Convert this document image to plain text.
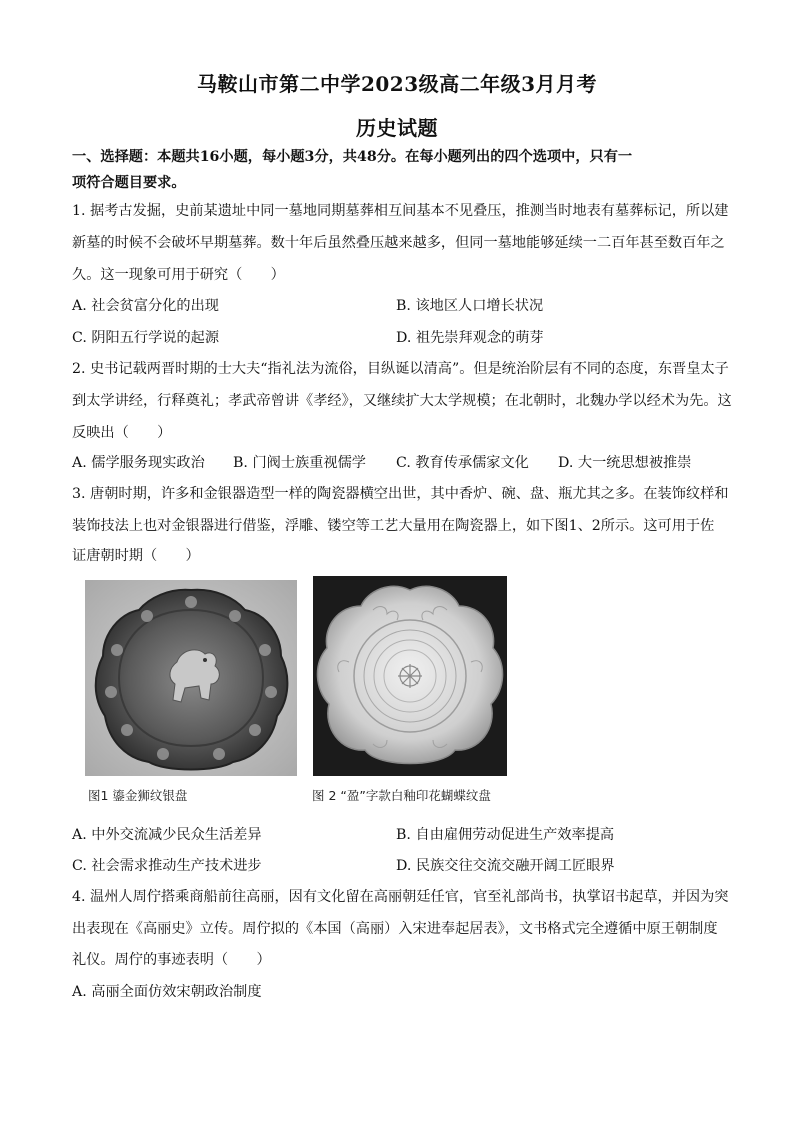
马鞍山市第二中学2023级高二年级3月月考
历史试题
一、选择题：本题共16小题，每小题3分，共48分。在每小题列出的四个选项中，只有一
项符合题目要求。
1. 据考古发掘，史前某遗址中同一墓地同期墓葬相互间基本不见叠压，推测当时地表有墓葬标记，所以建
新墓的时候不会破坏早期墓葬。数十年后虽然叠压越来越多，但同一墓地能够延续一二百年甚至数百年之
久。这一现象可用于研究（　　）
A. 社会贫富分化的出现	B. 该地区人口增长状况
C. 阴阳五行学说的起源	D. 祖先崇拜观念的萌芽
2. 史书记载两晋时期的士大夫“指礼法为流俗，目纵诞以清高”。但是统治阶层有不同的态度，东晋皇太子
到太学讲经，行释奠礼；孝武帝曾讲《孝经》，又继续扩大太学规模；在北朝时，北魏办学以经术为先。这
反映出（　　）
A. 儒学服务现实政治 B. 门阀士族重视儒学 C. 教育传承儒家文化 D. 大一统思想被推崇
3. 唐朝时期，许多和金银器造型一样的陶瓷器横空出世，其中香炉、碗、盘、瓶尤其之多。在装饰纹样和
装饰技法上也对金银器进行借鉴，浮雕、镂空等工艺大量用在陶瓷器上，如下图1、2所示。这可用于佐
证唐朝时期（　　）
图1 鎏金狮纹银盘	图 2 “盈”字款白釉印花蝴蝶纹盘
A. 中外交流减少民众生活差异	B. 自由雇佣劳动促进生产效率提高
C. 社会需求推动生产技术进步	D. 民族交往交流交融开阔工匠眼界
4. 温州人周佇搭乘商船前往高丽，因有文化留在高丽朝廷任官，官至礼部尚书，执掌诏书起草，并因为突
出表现在《高丽史》立传。周佇拟的《本国（高丽）入宋进奉起居表》，文书格式完全遵循中原王朝制度
礼仪。周佇的事迹表明（　　）
A. 高丽全面仿效宋朝政治制度
